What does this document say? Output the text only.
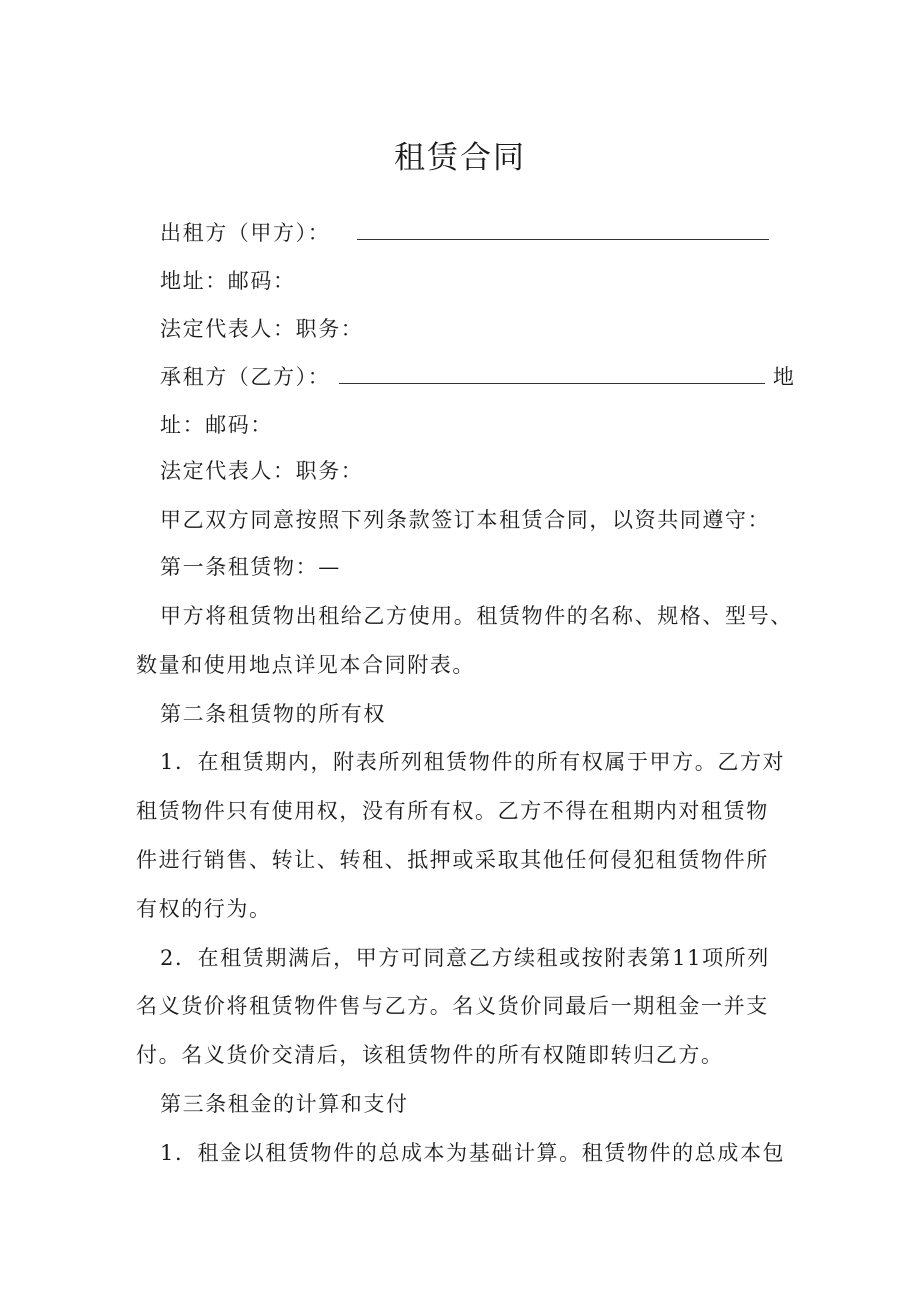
租赁合同
出租方（甲方）：
地址：邮码：
法定代表人：职务：
承租方（乙方）：	地
址：邮码：
法定代表人：职务：
甲乙双方同意按照下列条款签订本租赁合同，以资共同遵守：
第一条租赁物：—
甲方将租赁物出租给乙方使用。租赁物件的名称、规格、型号、
数量和使用地点详见本合同附表。
第二条租赁物的所有权
1．在租赁期内，附表所列租赁物件的所有权属于甲方。乙方对
租赁物件只有使用权，没有所有权。乙方不得在租期内对租赁物
件进行销售、转让、转租、抵押或采取其他任何侵犯租赁物件所
有权的行为。
2．在租赁期满后，甲方可同意乙方续租或按附表第11项所列
名义货价将租赁物件售与乙方。名义货价同最后一期租金一并支
付。名义货价交清后，该租赁物件的所有权随即转归乙方。
第三条租金的计算和支付
1．租金以租赁物件的总成本为基础计算。租赁物件的总成本包
